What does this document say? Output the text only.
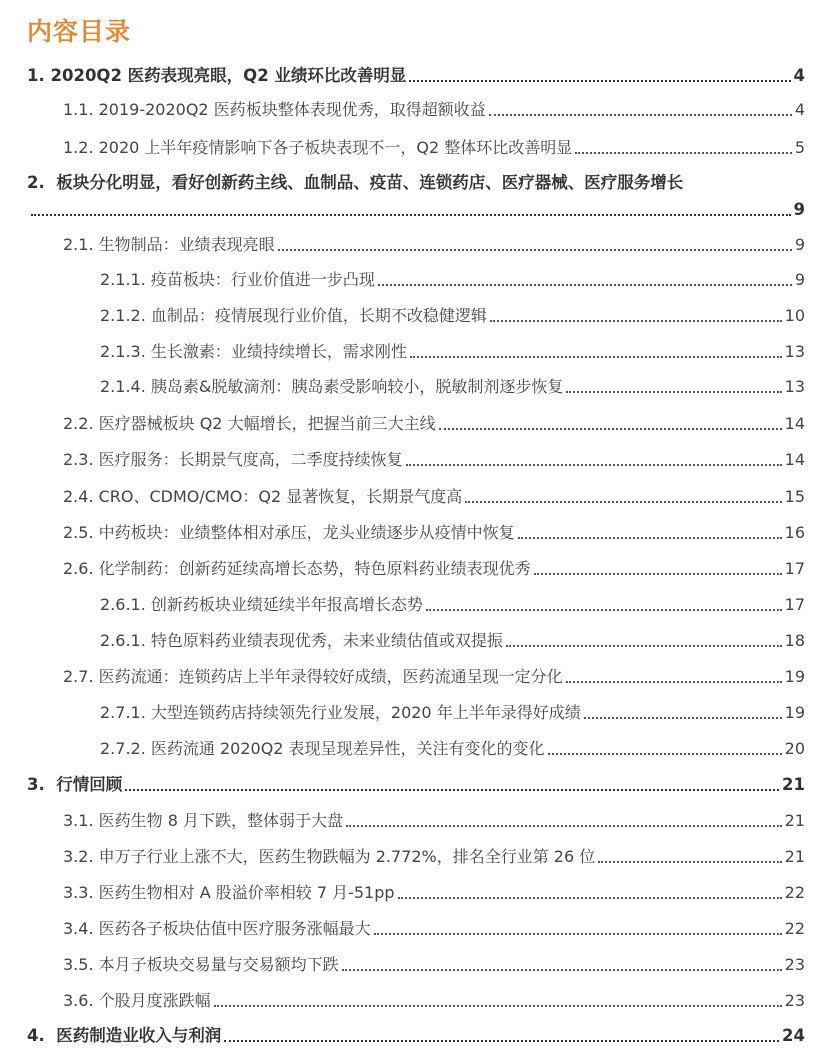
内容目录
1. 2020Q2 医药表现亮眼，Q2 业绩环比改善明显	4
1.1. 2019-2020Q2 医药板块整体表现优秀，取得超额收益	4
1.2. 2020 上半年疫情影响下各子板块表现不一，Q2 整体环比改善明显	5
2. 板块分化明显，看好创新药主线、血制品、疫苗、连锁药店、医疗器械、医疗服务增长
9
2.1. 生物制品：业绩表现亮眼	9
2.1.1. 疫苗板块：行业价值进一步凸现	9
2.1.2. 血制品：疫情展现行业价值，长期不改稳健逻辑	10
2.1.3. 生长激素：业绩持续增长，需求刚性	13
2.1.4. 胰岛素&脱敏滴剂：胰岛素受影响较小，脱敏制剂逐步恢复	13
2.2. 医疗器械板块 Q2 大幅增长，把握当前三大主线	14
2.3. 医疗服务：长期景气度高，二季度持续恢复	14
2.4. CRO、CDMO/CMO：Q2 显著恢复，长期景气度高	15
2.5. 中药板块：业绩整体相对承压，龙头业绩逐步从疫情中恢复	16
2.6. 化学制药：创新药延续高增长态势，特色原料药业绩表现优秀	17
2.6.1. 创新药板块业绩延续半年报高增长态势	17
2.6.1. 特色原料药业绩表现优秀，未来业绩估值或双提振	18
2.7. 医药流通：连锁药店上半年录得较好成绩，医药流通呈现一定分化	19
2.7.1. 大型连锁药店持续领先行业发展，2020 年上半年录得好成绩	19
2.7.2. 医药流通 2020Q2 表现呈现差异性，关注有变化的变化	20
3. 行情回顾	21
3.1. 医药生物 8 月下跌，整体弱于大盘	21
3.2. 申万子行业上涨不大，医药生物跌幅为 2.772%，排名全行业第 26 位	21
3.3. 医药生物相对 A 股溢价率相较 7 月-51pp	22
3.4. 医药各子板块估值中医疗服务涨幅最大	22
3.5. 本月子板块交易量与交易额均下跌	23
3.6. 个股月度涨跌幅	23
4. 医药制造业收入与利润	24
